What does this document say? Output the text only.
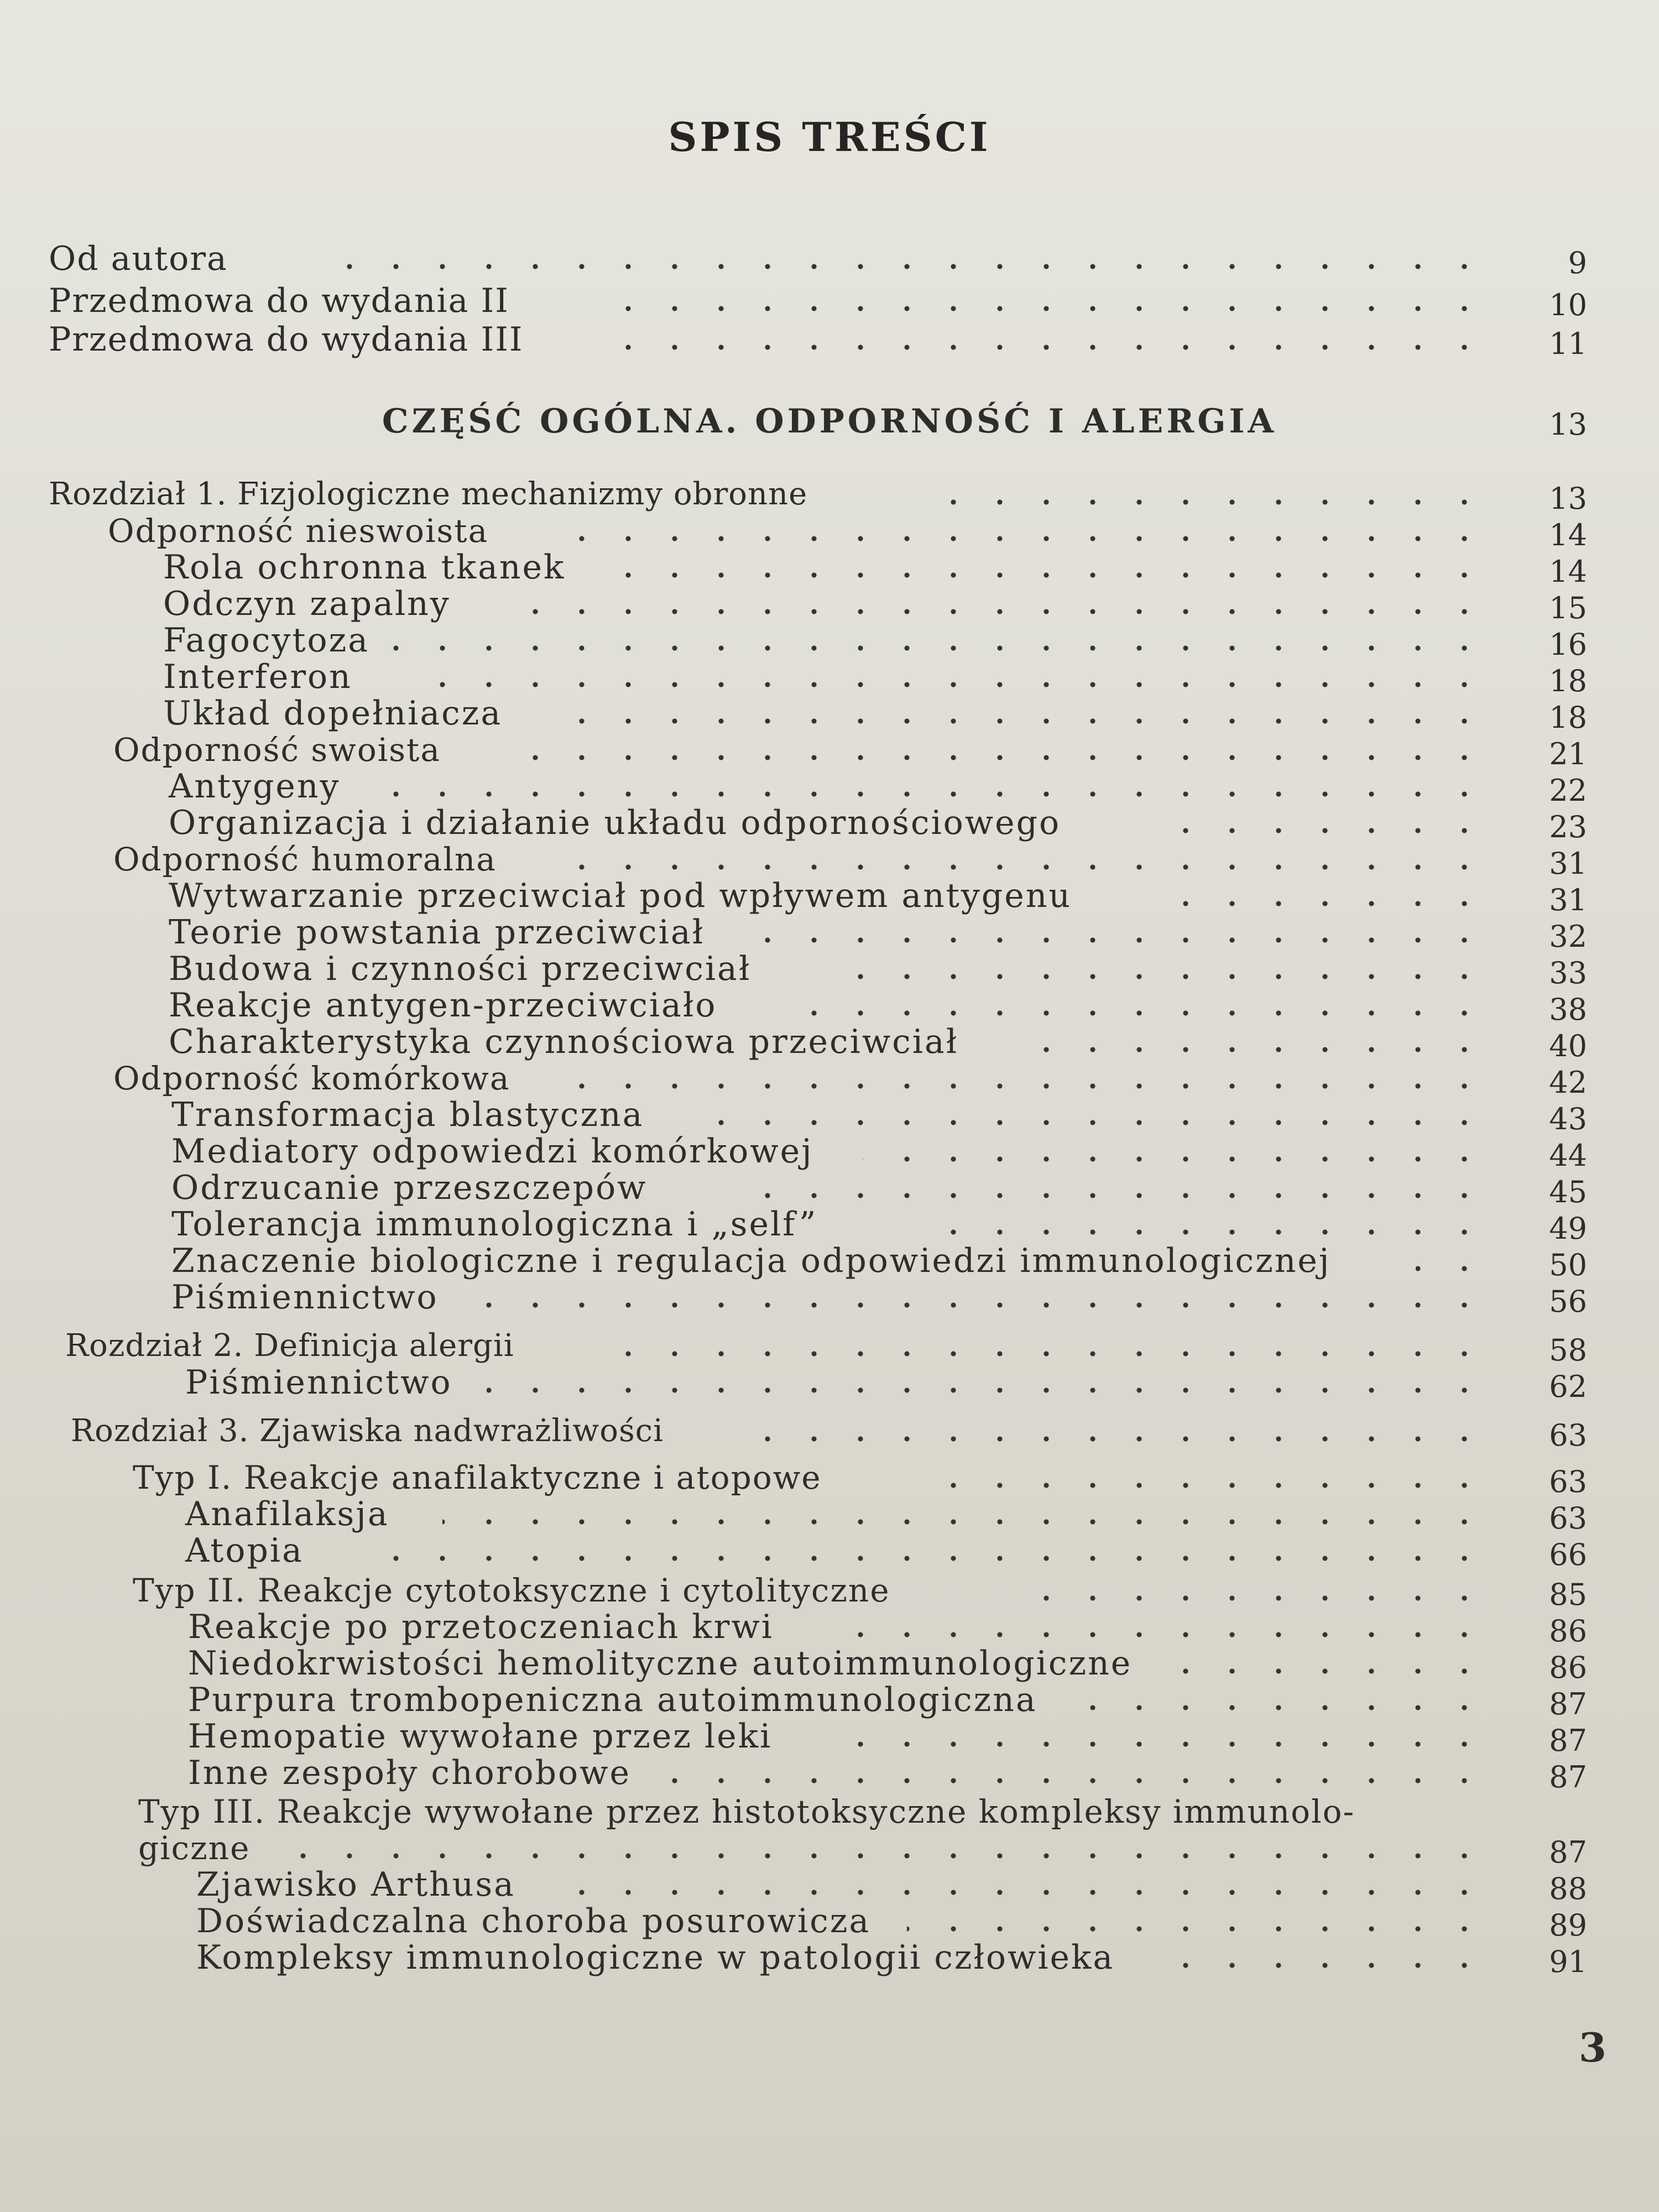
SPIS TREŚCI
Od autora	9
Przedmowa do wydania II	10
Przedmowa do wydania III	11
CZĘŚĆ OGÓLNA. ODPORNOŚĆ I ALERGIA	13
Rozdział 1. Fizjologiczne mechanizmy obronne	13
Odporność nieswoista	14
Rola ochronna tkanek	14
Odczyn zapalny	15
Fagocytoza	16
Interferon	18
Układ dopełniacza	18
Odporność swoista	21
Antygeny	22
Organizacja i działanie układu odpornościowego	23
Odporność humoralna	31
Wytwarzanie przeciwciał pod wpływem antygenu	31
Teorie powstania przeciwciał	32
Budowa i czynności przeciwciał	33
Reakcje antygen-przeciwciało	38
Charakterystyka czynnościowa przeciwciał	40
Odporność komórkowa	42
Transformacja blastyczna	43
Mediatory odpowiedzi komórkowej	44
Odrzucanie przeszczepów	45
Tolerancja immunologiczna i „self”	49
Znaczenie biologiczne i regulacja odpowiedzi immunologicznej	50
Piśmiennictwo	56
Rozdział 2. Definicja alergii	58
Piśmiennictwo	62
Rozdział 3. Zjawiska nadwrażliwości	63
Typ I. Reakcje anafilaktyczne i atopowe	63
Anafilaksja	63
Atopia	66
Typ II. Reakcje cytotoksyczne i cytolityczne	85
Reakcje po przetoczeniach krwi	86
Niedokrwistości hemolityczne autoimmunologiczne	86
Purpura trombopeniczna autoimmunologiczna	87
Hemopatie wywołane przez leki	87
Inne zespoły chorobowe	87
Typ III. Reakcje wywołane przez histotoksyczne kompleksy immunolo-
giczne	87
Zjawisko Arthusa	88
Doświadczalna choroba posurowicza	89
Kompleksy immunologiczne w patologii człowieka	91
3
